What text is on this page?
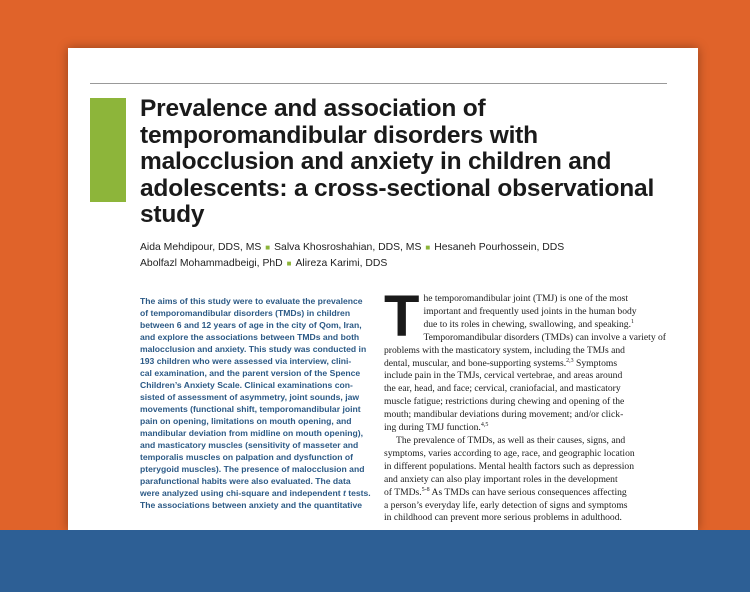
Prevalence and association of temporomandibular disorders with malocclusion and anxiety in children and adolescents: a cross-sectional observational study
Aida Mehdipour, DDS, MS ■ Salva Khosroshahian, DDS, MS ■ Hesaneh Pourhossein, DDS
Abolfazl Mohammadbeigi, PhD ■ Alireza Karimi, DDS
The aims of this study were to evaluate the prevalence
of temporomandibular disorders (TMDs) in children
between 6 and 12 years of age in the city of Qom, Iran,
and explore the associations between TMDs and both
malocclusion and anxiety. This study was conducted in
193 children who were assessed via interview, clini-
cal examination, and the parent version of the Spence
Children’s Anxiety Scale. Clinical examinations con-
sisted of assessment of asymmetry, joint sounds, jaw
movements (functional shift, temporomandibular joint
pain on opening, limitations on mouth opening, and
mandibular deviation from midline on mouth opening),
and masticatory muscles (sensitivity of masseter and
temporalis muscles on palpation and dysfunction of
pterygoid muscles). The presence of malocclusion and
parafunctional habits were also evaluated. The data
were analyzed using chi-square and independent t tests.
The associations between anxiety and the quantitative

The temporomandibular joint (TMJ) is one of the most
important and frequently used joints in the human body
due to its roles in chewing, swallowing, and speaking.$^1$
Temporomandibular disorders (TMDs) can involve a variety of
problems with the masticatory system, including the TMJs and
dental, muscular, and bone-supporting systems.$^{2,3}$ Symptoms
include pain in the TMJs, cervical vertebrae, and areas around
the ear, head, and face; cervical, craniofacial, and masticatory
muscle fatigue; restrictions during chewing and opening of the
mouth; mandibular deviations during movement; and/or click-
ing during TMJ function.$^{4,5}$

The prevalence of TMDs, as well as their causes, signs, and
symptoms, varies according to age, race, and geographic location
in different populations. Mental health factors such as depression
and anxiety can also play important roles in the development
of TMDs.$^{5-8}$ As TMDs can have serious consequences affecting
a person’s everyday life, early detection of signs and symptoms
in childhood can prevent more serious problems in adulthood.
